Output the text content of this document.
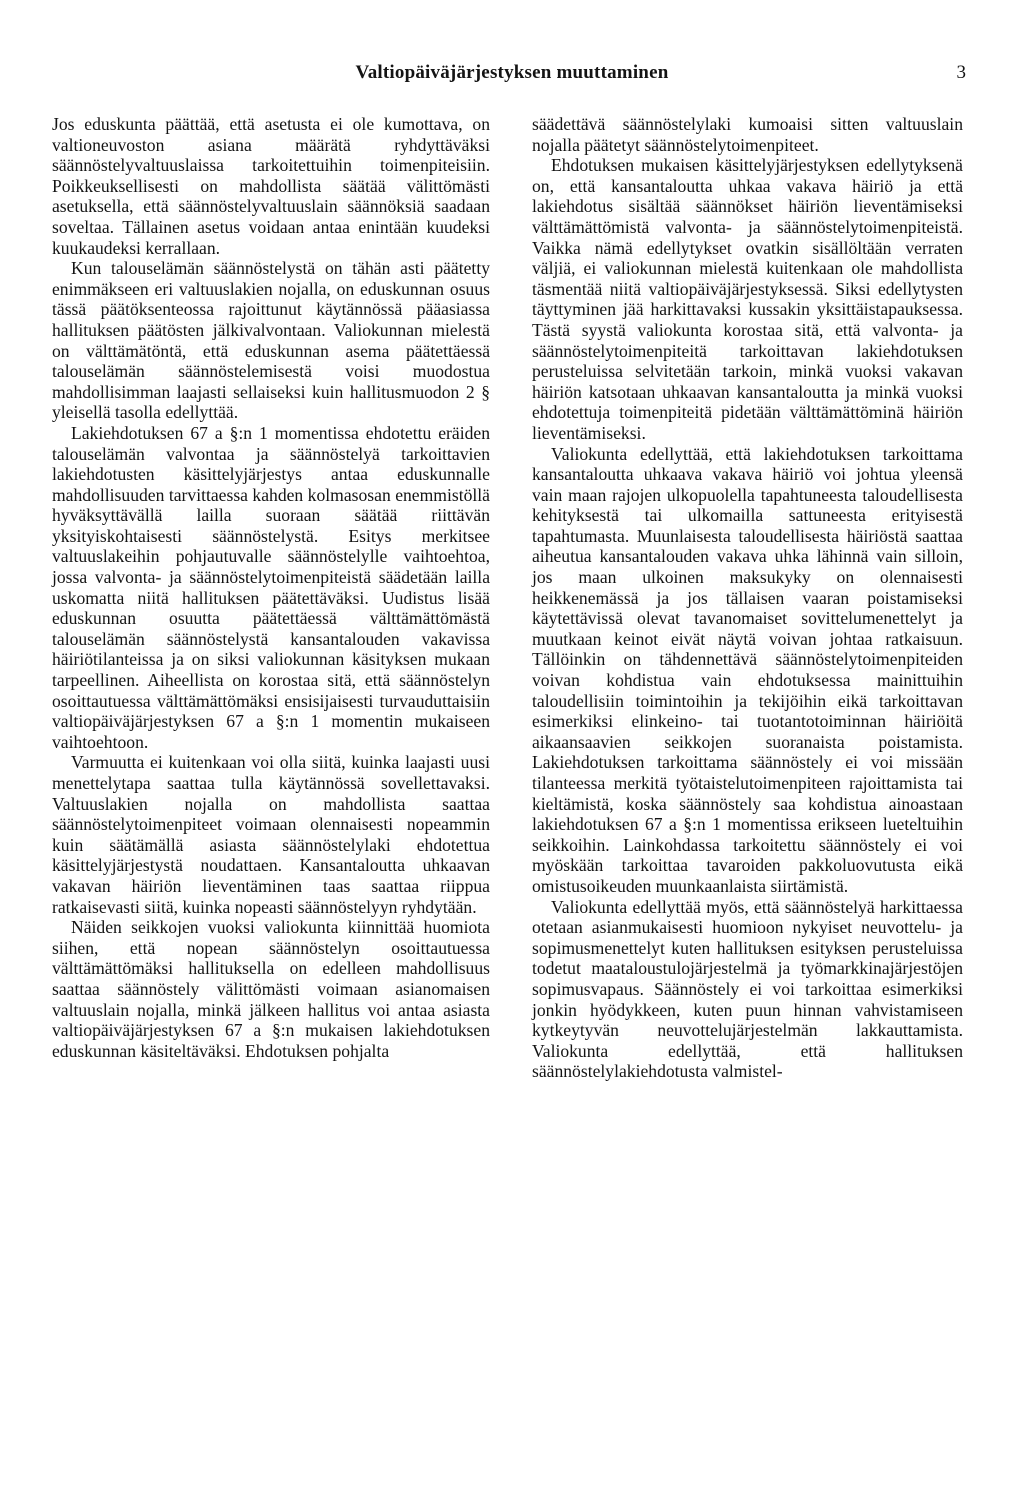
Valtiopäiväjärjestyksen muuttaminen	3

Jos eduskunta päättää, että asetusta ei ole kumottava, on valtioneuvoston asiana määrätä ryhdyttäväksi säännöstelyvaltuuslaissa tarkoitettuihin toimenpiteisiin. Poikkeuksellisesti on mahdollista säätää välittömästi asetuksella, että säännöstelyvaltuuslain säännöksiä saadaan soveltaa. Tällainen asetus voidaan antaa enintään kuudeksi kuukaudeksi kerrallaan.

Kun talouselämän säännöstelystä on tähän asti päätetty enimmäkseen eri valtuuslakien nojalla, on eduskunnan osuus tässä päätöksenteossa rajoittunut käytännössä pääasiassa hallituksen päätösten jälkivalvontaan. Valiokunnan mielestä on välttämätöntä, että eduskunnan asema päätettäessä talouselämän säännöstelemisestä voisi muodostua mahdollisimman laajasti sellaiseksi kuin hallitusmuodon 2 § yleisellä tasolla edellyttää.

Lakiehdotuksen 67 a §:n 1 momentissa ehdotettu eräiden talouselämän valvontaa ja säännöstelyä tarkoittavien lakiehdotusten käsittelyjärjestys antaa eduskunnalle mahdollisuuden tarvittaessa kahden kolmasosan enemmistöllä hyväksyttävällä lailla suoraan säätää riittävän yksityiskohtaisesti säännöstelystä. Esitys merkitsee valtuuslakeihin pohjautuvalle säännöstelylle vaihtoehtoa, jossa valvonta- ja säännöstelytoimenpiteistä säädetään lailla uskomatta niitä hallituksen päätettäväksi. Uudistus lisää eduskunnan osuutta päätettäessä välttämättömästä talouselämän säännöstelystä kansantalouden vakavissa häiriötilanteissa ja on siksi valiokunnan käsityksen mukaan tarpeellinen. Aiheellista on korostaa sitä, että säännöstelyn osoittautuessa välttämättömäksi ensisijaisesti turvauduttaisiin valtiopäiväjärjestyksen 67 a §:n 1 momentin mukaiseen vaihtoehtoon.

Varmuutta ei kuitenkaan voi olla siitä, kuinka laajasti uusi menettelytapa saattaa tulla käytännössä sovellettavaksi. Valtuuslakien nojalla on mahdollista saattaa säännöstelytoimenpiteet voimaan olennaisesti nopeammin kuin säätämällä asiasta säännöstelylaki ehdotettua käsittelyjärjestystä noudattaen. Kansantaloutta uhkaavan vakavan häiriön lieventäminen taas saattaa riippua ratkaisevasti siitä, kuinka nopeasti säännöstelyyn ryhdytään.

Näiden seikkojen vuoksi valiokunta kiinnittää huomiota siihen, että nopean säännöstelyn osoittautuessa välttämättömäksi hallituksella on edelleen mahdollisuus saattaa säännöstely välittömästi voimaan asianomaisen valtuuslain nojalla, minkä jälkeen hallitus voi antaa asiasta valtiopäiväjärjestyksen 67 a §:n mukaisen lakiehdotuksen eduskunnan käsiteltäväksi. Ehdotuksen pohjalta

säädettävä säännöstelylaki kumoaisi sitten valtuuslain nojalla päätetyt säännöstelytoimenpiteet.

Ehdotuksen mukaisen käsittelyjärjestyksen edellytyksenä on, että kansantaloutta uhkaa vakava häiriö ja että lakiehdotus sisältää säännökset häiriön lieventämiseksi välttämättömistä valvonta- ja säännöstelytoimenpiteistä. Vaikka nämä edellytykset ovatkin sisällöltään verraten väljiä, ei valiokunnan mielestä kuitenkaan ole mahdollista täsmentää niitä valtiopäiväjärjestyksessä. Siksi edellytysten täyttyminen jää harkittavaksi kussakin yksittäistapauksessa. Tästä syystä valiokunta korostaa sitä, että valvonta- ja säännöstelytoimenpiteitä tarkoittavan lakiehdotuksen perusteluissa selvitetään tarkoin, minkä vuoksi vakavan häiriön katsotaan uhkaavan kansantaloutta ja minkä vuoksi ehdotettuja toimenpiteitä pidetään välttämättöminä häiriön lieventämiseksi.

Valiokunta edellyttää, että lakiehdotuksen tarkoittama kansantaloutta uhkaava vakava häiriö voi johtua yleensä vain maan rajojen ulkopuolella tapahtuneesta taloudellisesta kehityksestä tai ulkomailla sattuneesta erityisestä tapahtumasta. Muunlaisesta taloudellisesta häiriöstä saattaa aiheutua kansantalouden vakava uhka lähinnä vain silloin, jos maan ulkoinen maksukyky on olennaisesti heikkenemässä ja jos tällaisen vaaran poistamiseksi käytettävissä olevat tavanomaiset sovittelumenettelyt ja muutkaan keinot eivät näytä voivan johtaa ratkaisuun. Tällöinkin on tähdennettävä säännöstelytoimenpiteiden voivan kohdistua vain ehdotuksessa mainittuihin taloudellisiin toimintoihin ja tekijöihin eikä tarkoittavan esimerkiksi elinkeino- tai tuotantotoiminnan häiriöitä aikaansaavien seikkojen suoranaista poistamista. Lakiehdotuksen tarkoittama säännöstely ei voi missään tilanteessa merkitä työtaistelutoimenpiteen rajoittamista tai kieltämistä, koska säännöstely saa kohdistua ainoastaan lakiehdotuksen 67 a §:n 1 momentissa erikseen lueteltuihin seikkoihin. Lainkohdassa tarkoitettu säännöstely ei voi myöskään tarkoittaa tavaroiden pakkoluovutusta eikä omistusoikeuden muunkaanlaista siirtämistä.

Valiokunta edellyttää myös, että säännöstelyä harkittaessa otetaan asianmukaisesti huomioon nykyiset neuvottelu- ja sopimusmenettelyt kuten hallituksen esityksen perusteluissa todetut maataloustulojärjestelmä ja työmarkkinajärjestöjen sopimusvapaus. Säännöstely ei voi tarkoittaa esimerkiksi jonkin hyödykkeen, kuten puun hinnan vahvistamiseen kytkeytyvän neuvottelujärjestelmän lakkauttamista. Valiokunta edellyttää, että hallituksen säännöstelylakiehdotusta valmistel-
